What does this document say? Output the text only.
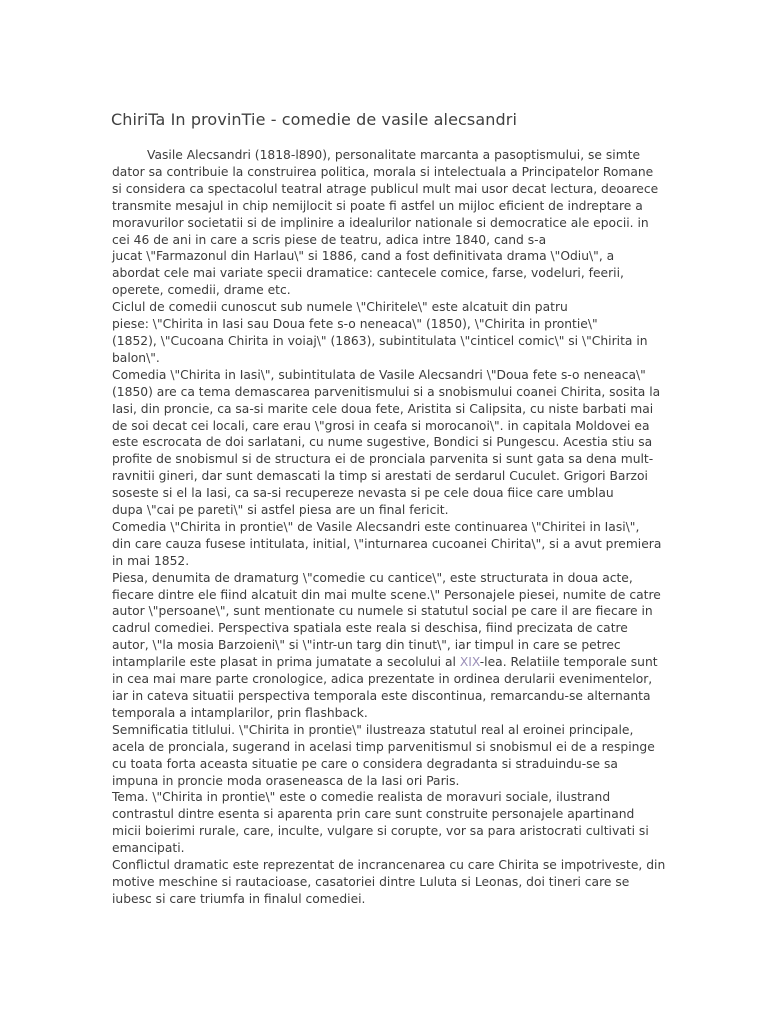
ChiriTa In provinTie - comedie de vasile alecsandri
Vasile Alecsandri (1818-l890), personalitate marcanta a pasoptismului, se simte
dator sa contribuie la construirea politica, morala si intelectuala a Principatelor Romane
si considera ca spectacolul teatral atrage publicul mult mai usor decat lectura, deoarece
transmite mesajul in chip nemijlocit si poate fi astfel un mijloc eficient de indreptare a
moravurilor societatii si de implinire a idealurilor nationale si democratice ale epocii. in
cei 46 de ani in care a scris piese de teatru, adica intre 1840, cand s-a
jucat \"Farmazonul din Harlau\" si 1886, cand a fost definitivata drama \"Odiu\", a
abordat cele mai variate specii dramatice: cantecele comice, farse, vodeluri, feerii,
operete, comedii, drame etc.
Ciclul de comedii cunoscut sub numele \"Chiritele\" este alcatuit din patru
piese: \"Chirita in Iasi sau Doua fete s-o neneaca\" (1850), \"Chirita in prontie\"
(1852), \"Cucoana Chirita in voiaj\" (1863), subintitulata \"cinticel comic\" si \"Chirita in
balon\".
Comedia \"Chirita in Iasi\", subintitulata de Vasile Alecsandri \"Doua fete s-o neneaca\"
(1850) are ca tema demascarea parvenitismului si a snobismului coanei Chirita, sosita la
Iasi, din proncie, ca sa-si marite cele doua fete, Aristita si Calipsita, cu niste barbati mai
de soi decat cei locali, care erau \"grosi in ceafa si morocanoi\". in capitala Moldovei ea
este escrocata de doi sarlatani, cu nume sugestive, Bondici si Pungescu. Acestia stiu sa
profite de snobismul si de structura ei de pronciala parvenita si sunt gata sa dena mult-
ravnitii gineri, dar sunt demascati la timp si arestati de serdarul Cuculet. Grigori Barzoi
soseste si el la Iasi, ca sa-si recupereze nevasta si pe cele doua fiice care umblau
dupa \"cai pe pareti\" si astfel piesa are un final fericit.
Comedia \"Chirita in prontie\" de Vasile Alecsandri este continuarea \"Chiritei in Iasi\",
din care cauza fusese intitulata, initial, \"inturnarea cucoanei Chirita\", si a avut premiera
in mai 1852.
Piesa, denumita de dramaturg \"comedie cu cantice\", este structurata in doua acte,
fiecare dintre ele fiind alcatuit din mai multe scene.\" Personajele piesei, numite de catre
autor \"persoane\", sunt mentionate cu numele si statutul social pe care il are fiecare in
cadrul comediei. Perspectiva spatiala este reala si deschisa, fiind precizata de catre
autor, \"la mosia Barzoieni\" si \"intr-un targ din tinut\", iar timpul in care se petrec
intamplarile este plasat in prima jumatate a secolului al XIX-lea. Relatiile temporale sunt
in cea mai mare parte cronologice, adica prezentate in ordinea derularii evenimentelor,
iar in cateva situatii perspectiva temporala este discontinua, remarcandu-se alternanta
temporala a intamplarilor, prin flashback.
Semnificatia titlului. \"Chirita in prontie\" ilustreaza statutul real al eroinei principale,
acela de pronciala, sugerand in acelasi timp parvenitismul si snobismul ei de a respinge
cu toata forta aceasta situatie pe care o considera degradanta si straduindu-se sa
impuna in proncie moda oraseneasca de la Iasi ori Paris.
Tema. \"Chirita in prontie\" este o comedie realista de moravuri sociale, ilustrand
contrastul dintre esenta si aparenta prin care sunt construite personajele apartinand
micii boierimi rurale, care, inculte, vulgare si corupte, vor sa para aristocrati cultivati si
emancipati.
Conflictul dramatic este reprezentat de incrancenarea cu care Chirita se impotriveste, din
motive meschine si rautacioase, casatoriei dintre Luluta si Leonas, doi tineri care se
iubesc si care triumfa in finalul comediei.
